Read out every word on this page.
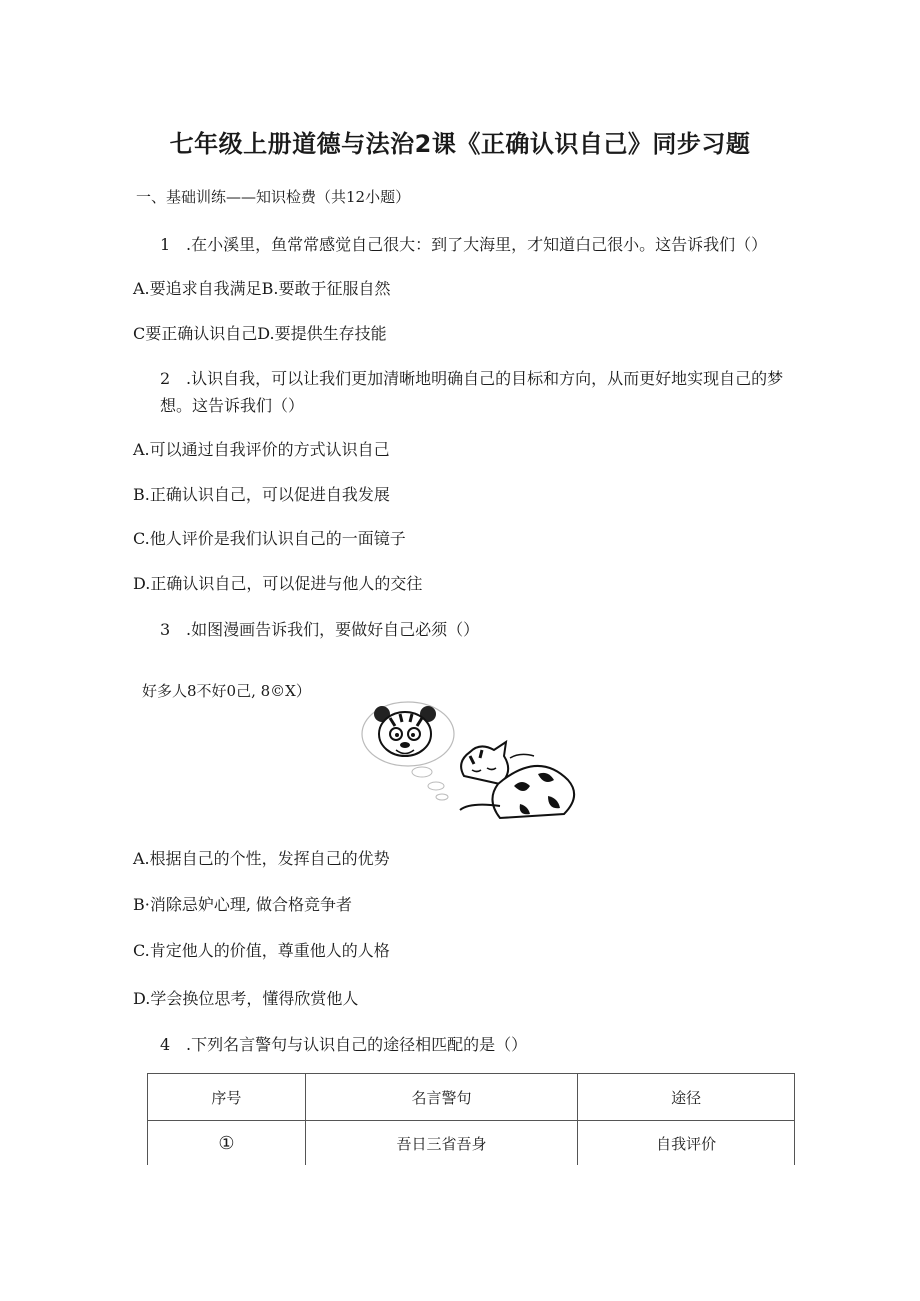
七年级上册道德与法治2课《正确认识自己》同步习题
一、基础训练——知识检费（共12小题）
1 .在小溪里，鱼常常感觉自己很大：到了大海里，才知道白己很小。这告诉我们（）
A.要追求自我满足B.要敢于征服自然
C要正确认识自己D.要提供生存技能
2 .认识自我，可以让我们更加清晰地明确自己的目标和方向，从而更好地实现自己的梦想。这告诉我们（）
A.可以通过自我评价的方式认识自己
B.正确认识自己，可以促进自我发展
C.他人评价是我们认识自己的一面镜子
D.正确认识自己，可以促进与他人的交往
3 .如图漫画告诉我们，要做好自己必须（）
好多人8不好0己, 8©X）
A.根据自己的个性，发挥自己的优势
B·消除忌妒心理, 做合格竞争者
C.肯定他人的价值，尊重他人的人格
D.学会换位思考，懂得欣赏他人
4 .下列名言警句与认识自己的途径相匹配的是（）
序号	名言警句	途径
①	吾日三省吾身	自我评价
